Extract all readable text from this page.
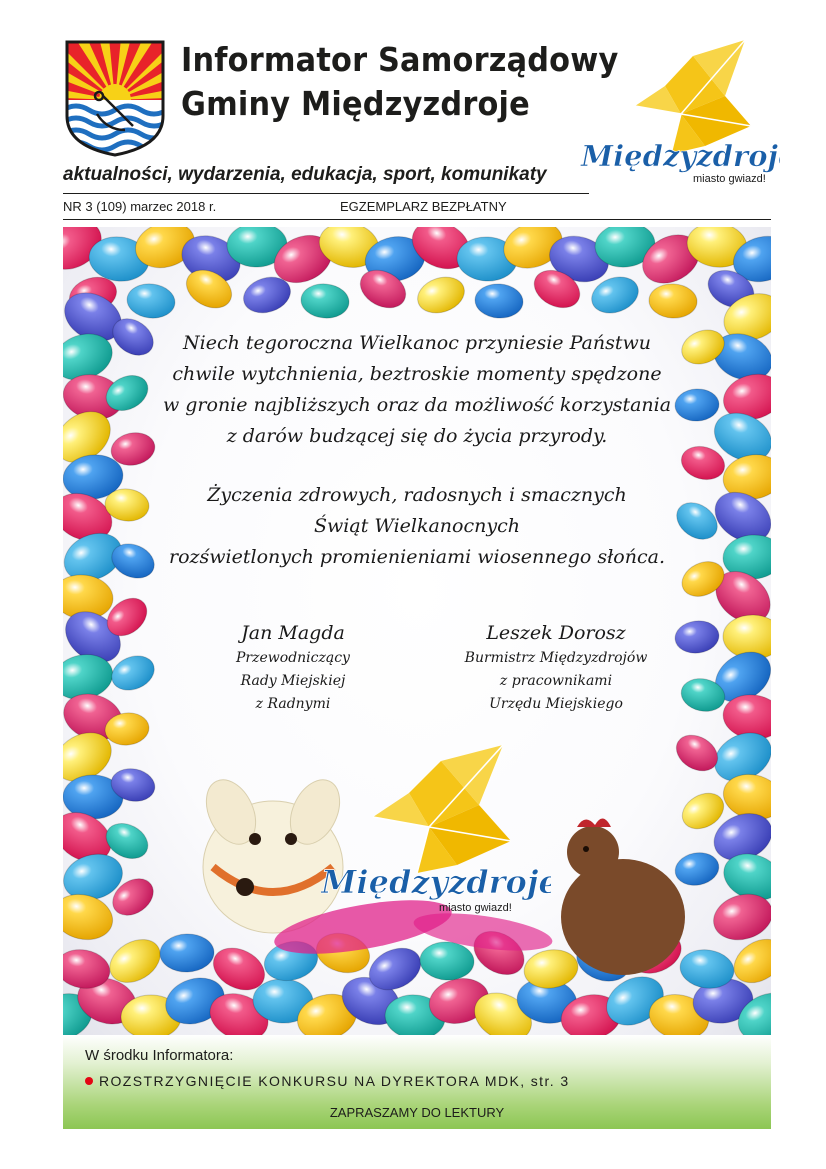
Informator Samorządowy
Gminy Międzyzdroje
Międzyzdroje
miasto gwiazd!
aktualności, wydarzenia, edukacja, sport, komunikaty
NR 3 (109) marzec 2018 r.	EGZEMPLARZ BEZPŁATNY
Niech tegoroczna Wielkanoc przyniesie Państwu
chwile wytchnienia, beztroskie momenty spędzone
w gronie najbliższych oraz da możliwość korzystania
z darów budzącej się do życia przyrody.
Życzenia zdrowych, radosnych i smacznych
Świąt Wielkanocnych
rozświetlonych promienieniami wiosennego słońca.
Jan Magda
Przewodniczący
Rady Miejskiej
z Radnymi
Leszek Dorosz
Burmistrz Międzyzdrojów
z pracownikami
Urzędu Miejskiego
Międzyzdroje
miasto gwiazd!
W środku Informatora:
ROZSTRZYGNIĘCIE KONKURSU NA DYREKTORA MDK, str. 3
ZAPRASZAMY DO LEKTURY
